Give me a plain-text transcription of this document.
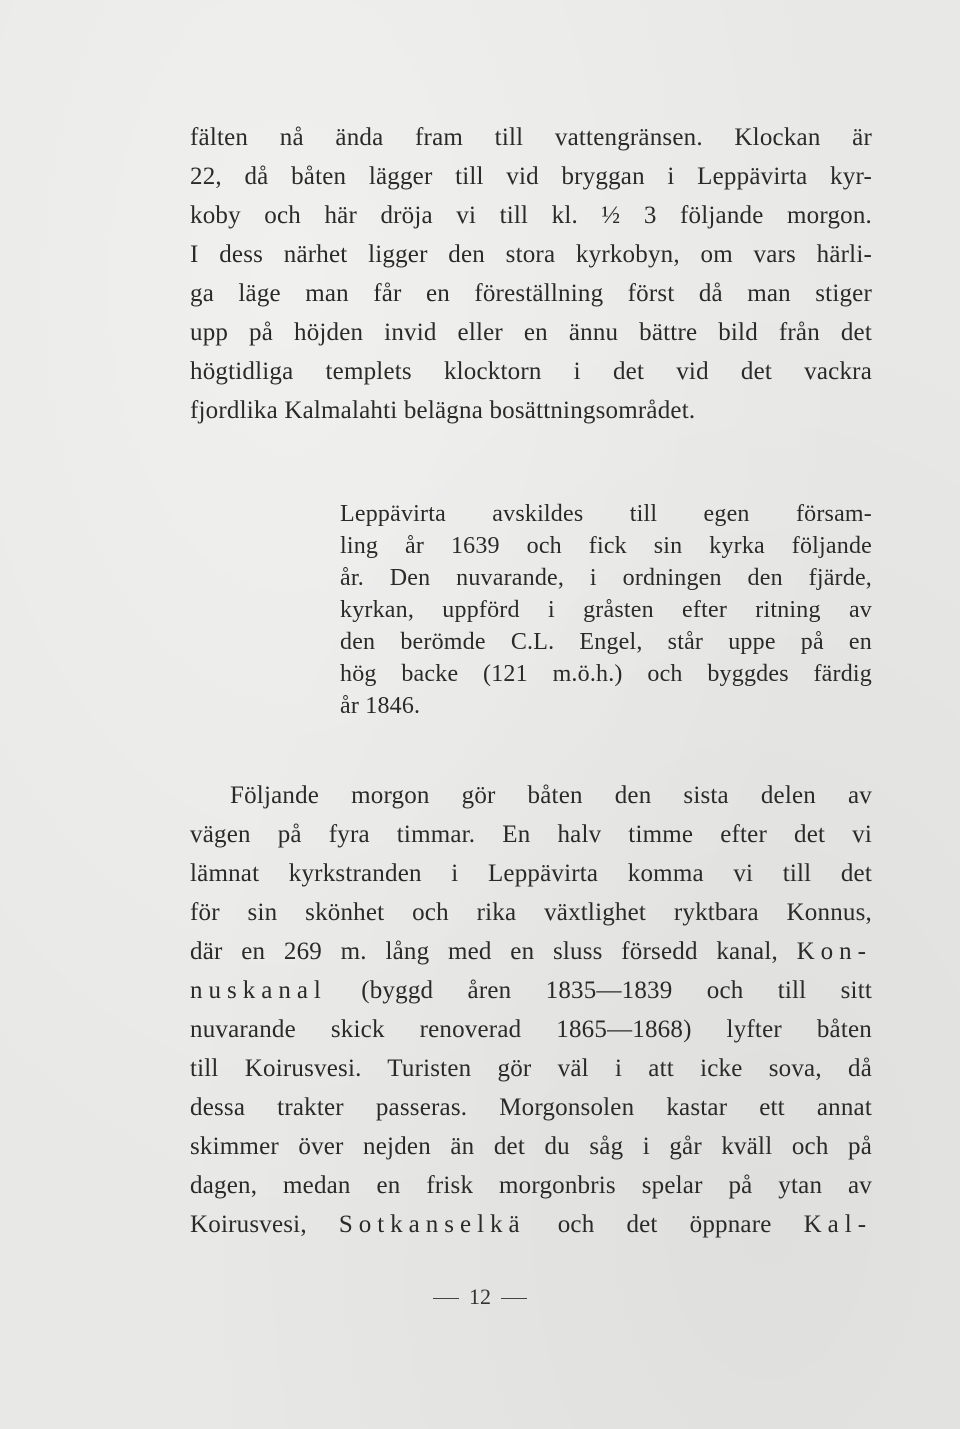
fälten nå ända fram till vattengränsen. Klockan är
22, då båten lägger till vid bryggan i Leppävirta kyr-
koby och här dröja vi till kl. ½ 3 följande morgon.
I dess närhet ligger den stora kyrkobyn, om vars härli-
ga läge man får en föreställning först då man stiger
upp på höjden invid eller en ännu bättre bild från det
högtidliga templets klocktorn i det vid det vackra
fjordlika Kalmalahti belägna bosättningsområdet.
Leppävirta avskildes till egen försam-
ling år 1639 och fick sin kyrka följande
år. Den nuvarande, i ordningen den fjärde,
kyrkan, uppförd i gråsten efter ritning av
den berömde C.L. Engel, står uppe på en
hög backe (121 m.ö.h.) och byggdes färdig
år 1846.
Följande morgon gör båten den sista delen av
vägen på fyra timmar. En halv timme efter det vi
lämnat kyrkstranden i Leppävirta komma vi till det
för sin skönhet och rika växtlighet ryktbara Konnus,
där en 269 m. lång med en sluss försedd kanal, Kon-
nuskanal (byggd åren 1835—1839 och till sitt
nuvarande skick renoverad 1865—1868) lyfter båten
till Koirusvesi. Turisten gör väl i att icke sova, då
dessa trakter passeras. Morgonsolen kastar ett annat
skimmer över nejden än det du såg i går kväll och på
dagen, medan en frisk morgonbris spelar på ytan av
Koirusvesi, Sotkanselkä och det öppnare Kal-
12
